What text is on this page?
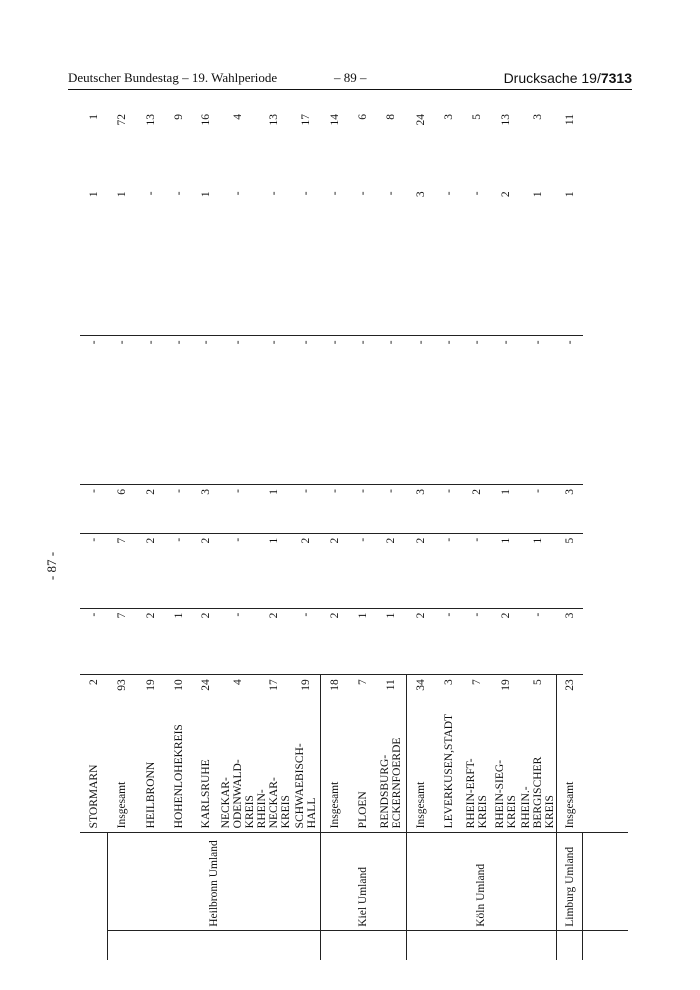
Deutscher Bundestag – 19. Wahlperiode	– 89 –	Drucksache 19/7313
- 87 -
		STORMARN	2	-	-	-	-	1	1
	Heilbronn Umland	Insgesamt	93	7	7	6	-	1	72
		HEILBRONN	19	2	2	2	-	-	13
		HOHENLOHEKREIS	10	1	-	-	-	-	9
		KARLSRUHE	24	2	2	3	-	1	16
		NECKAR-ODENWALD-KREIS	4	-	-	-	-	-	4
		RHEIN-NECKAR-KREIS	17	2	1	1	-	-	13
		SCHWAEBISCH-HALL	19	-	2	-	-	-	17
	Kiel Umland	Insgesamt	18	2	2	-	-	-	14
		PLOEN	7	1	-	-	-	-	6
		RENDSBURG-ECKERNFOERDE	11	1	2	-	-	-	8
	Köln Umland	Insgesamt	34	2	2	3	-	3	24
		LEVERKUSEN,STADT	3	-	-	-	-	-	3
		RHEIN-ERFT-KREIS	7	-	-	2	-	-	5
		RHEIN-SIEG-KREIS	19	2	1	1	-	2	13
		RHEIN.-BERGISCHER KREIS	5	-	1	-	-	1	3
	Limburg Umland	Insgesamt	23	3	5	3	-	1	11
